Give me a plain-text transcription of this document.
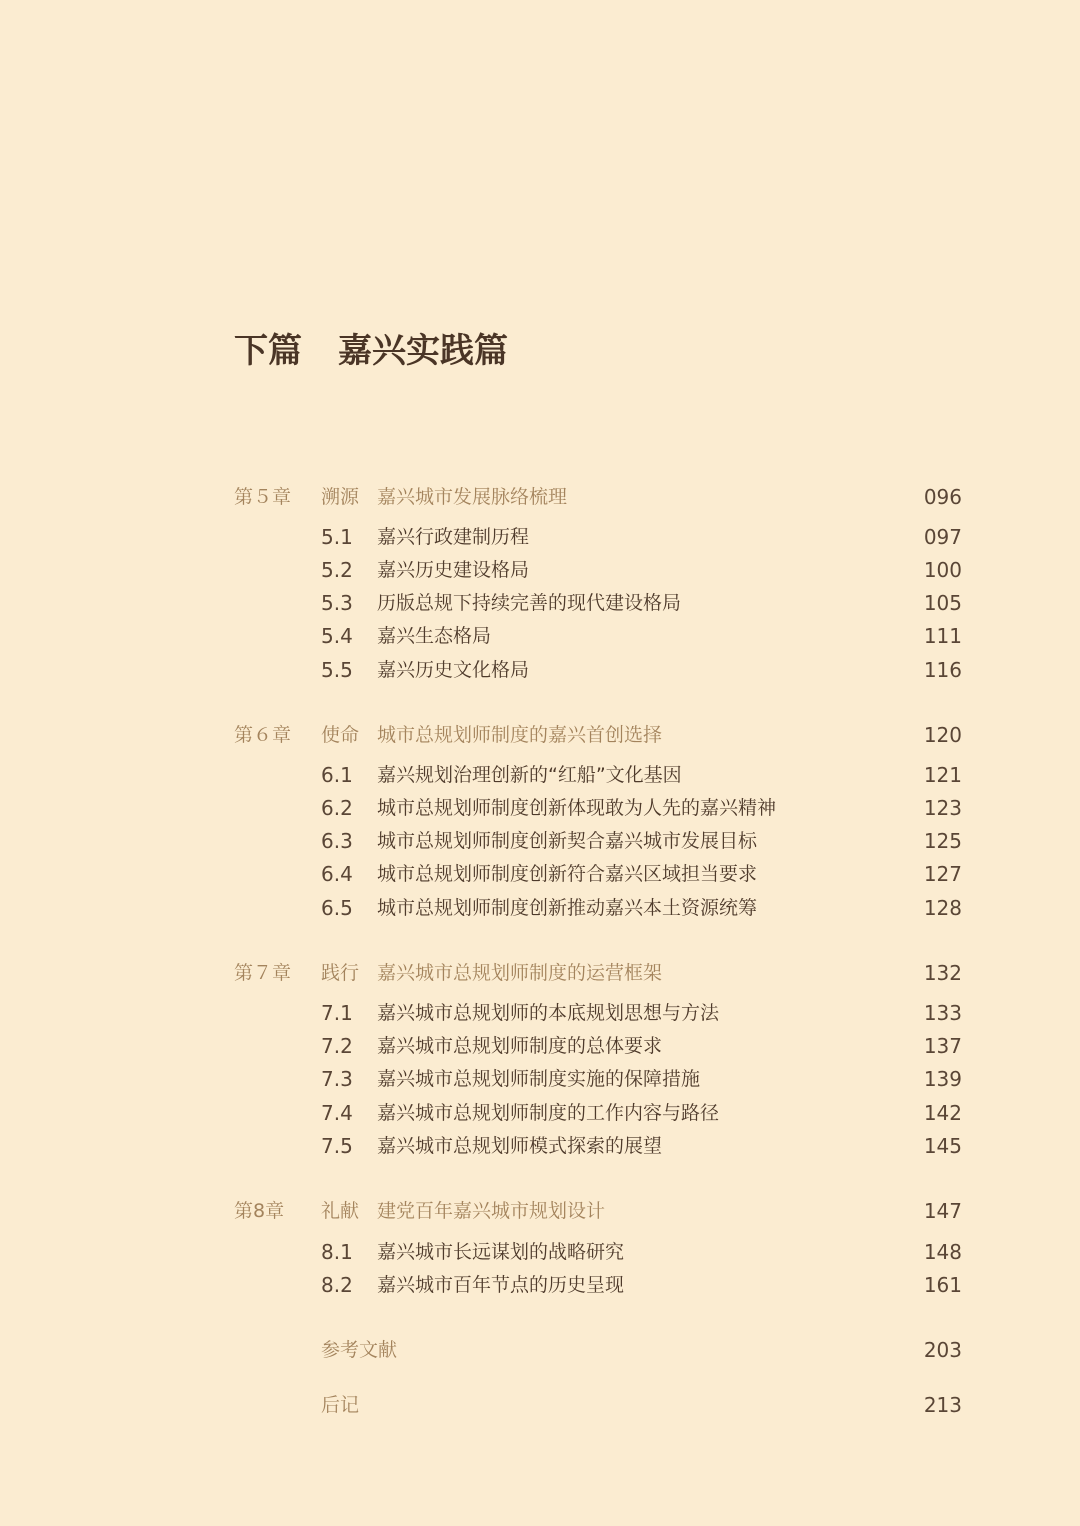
下篇 嘉兴实践篇
第５章 溯源 嘉兴城市发展脉络梳理	096
5.1 嘉兴行政建制历程	097
5.2 嘉兴历史建设格局	100
5.3 历版总规下持续完善的现代建设格局	105
5.4 嘉兴生态格局	111
5.5 嘉兴历史文化格局	116
第６章 使命 城市总规划师制度的嘉兴首创选择	120
6.1 嘉兴规划治理创新的“红船”文化基因	121
6.2 城市总规划师制度创新体现敢为人先的嘉兴精神	123
6.3 城市总规划师制度创新契合嘉兴城市发展目标	125
6.4 城市总规划师制度创新符合嘉兴区域担当要求	127
6.5 城市总规划师制度创新推动嘉兴本土资源统筹	128
第７章 践行 嘉兴城市总规划师制度的运营框架	132
7.1 嘉兴城市总规划师的本底规划思想与方法	133
7.2 嘉兴城市总规划师制度的总体要求	137
7.3 嘉兴城市总规划师制度实施的保障措施	139
7.4 嘉兴城市总规划师制度的工作内容与路径	142
7.5 嘉兴城市总规划师模式探索的展望	145
第8章 礼献 建党百年嘉兴城市规划设计	147
8.1 嘉兴城市长远谋划的战略研究	148
8.2 嘉兴城市百年节点的历史呈现	161
参考文献	203
后记	213
